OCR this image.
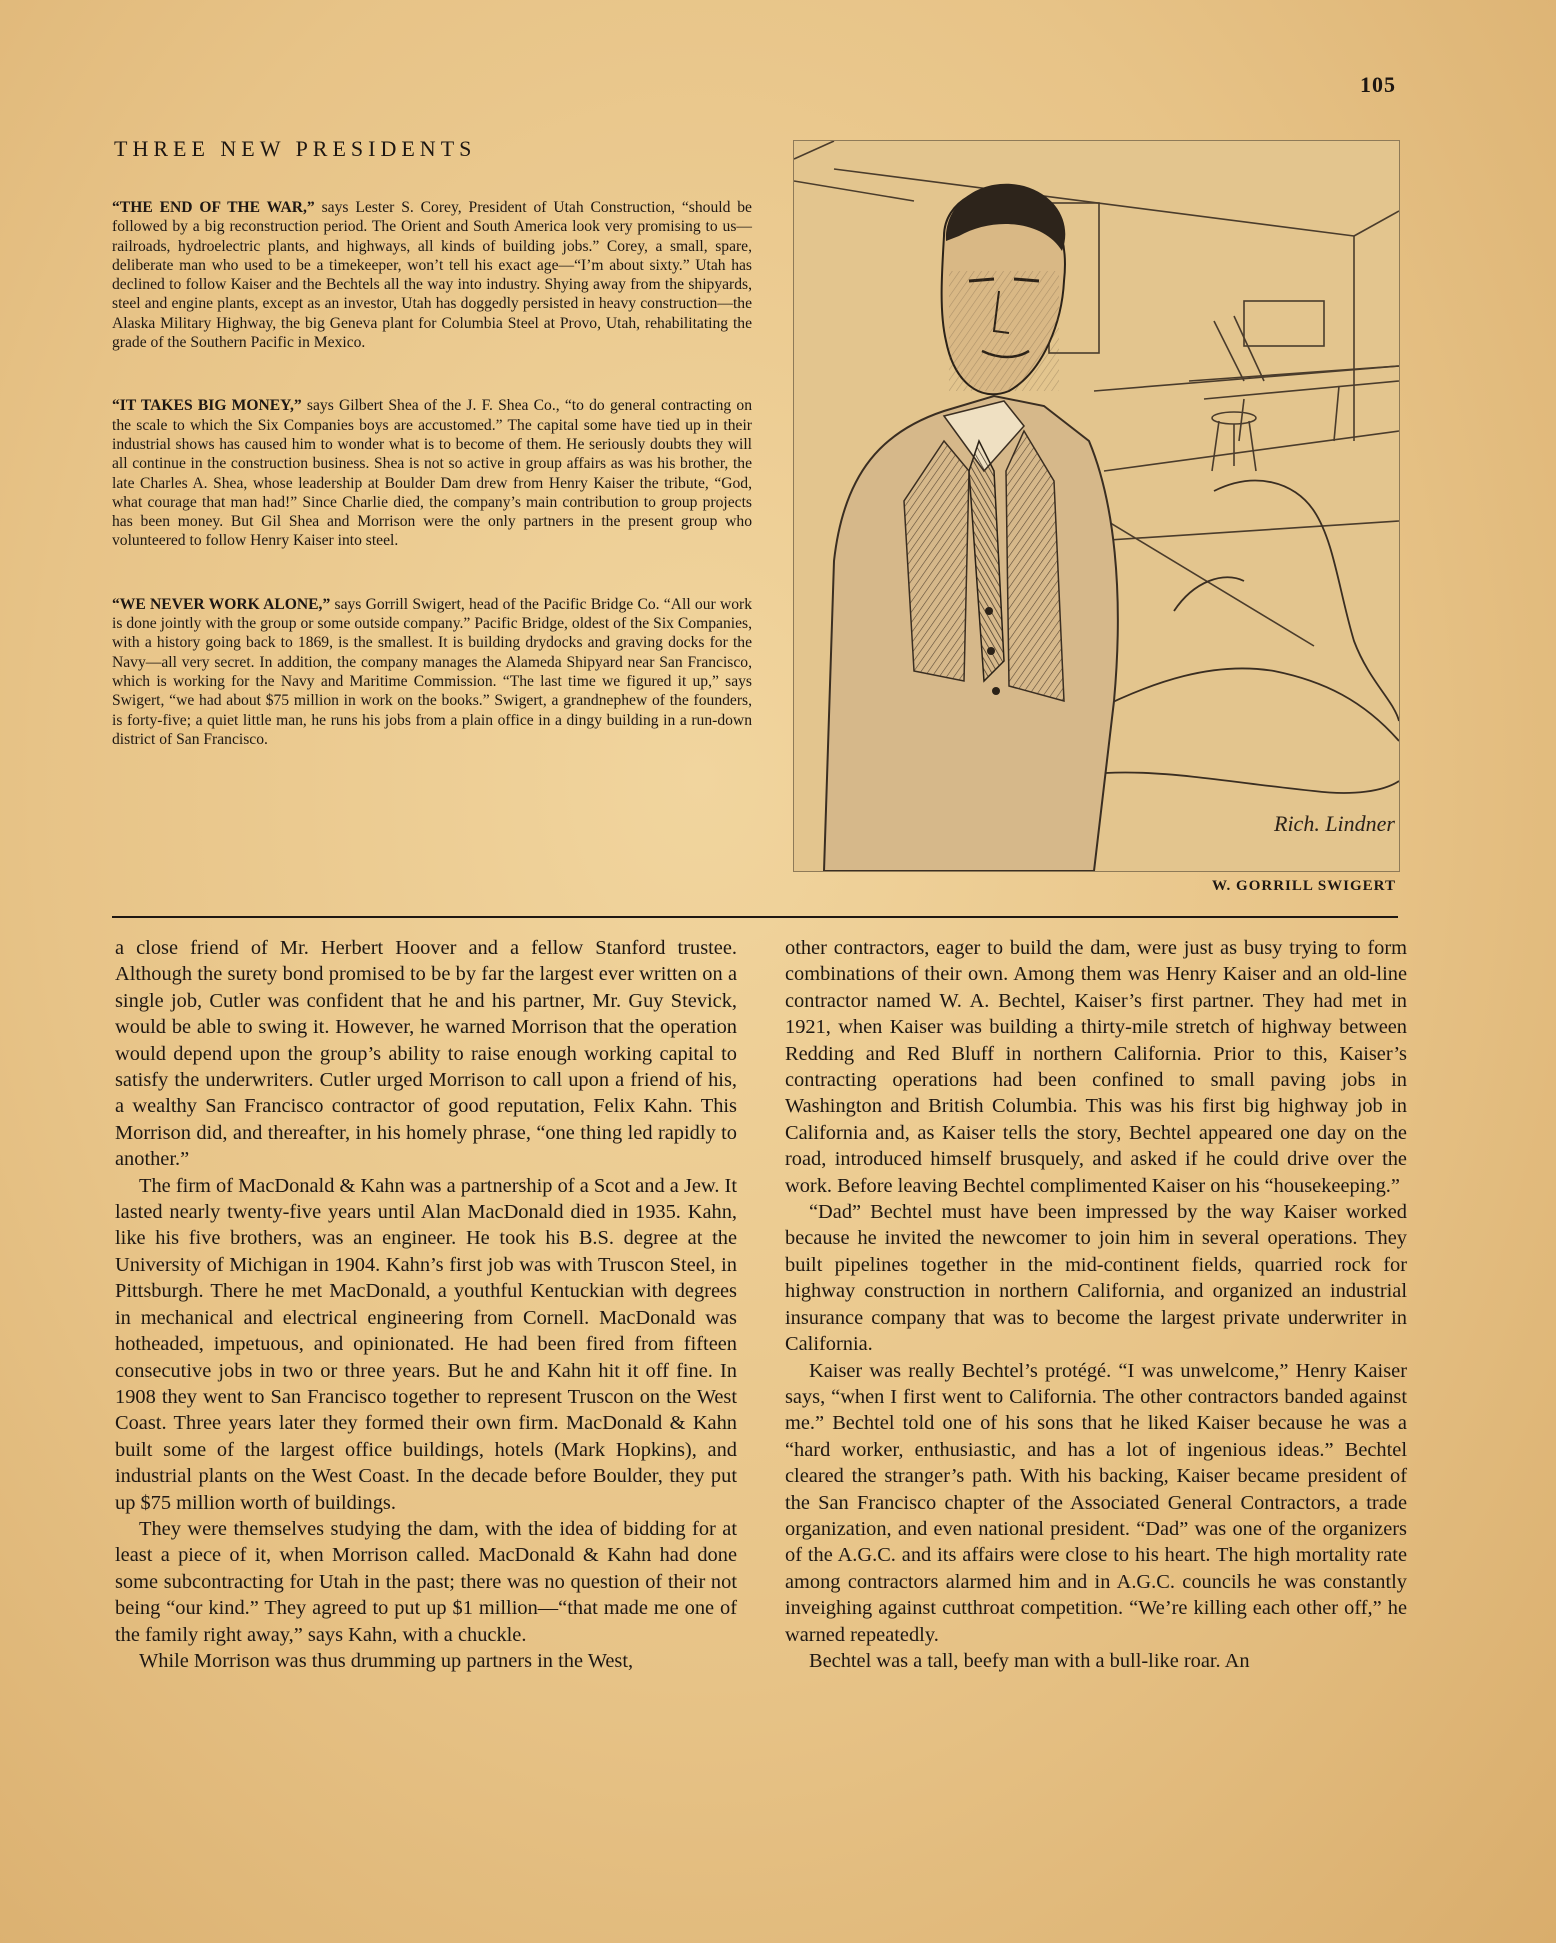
105
THREE NEW PRESIDENTS

“THE END OF THE WAR,” says Lester S. Corey, President of Utah Construction, “should be followed by a big reconstruction period. The Orient and South America look very promising to us—railroads, hydroelectric plants, and highways, all kinds of building jobs.” Corey, a small, spare, deliberate man who used to be a timekeeper, won’t tell his exact age—“I’m about sixty.” Utah has declined to follow Kaiser and the Bechtels all the way into industry. Shying away from the shipyards, steel and engine plants, except as an investor, Utah has doggedly persisted in heavy construction—the Alaska Military Highway, the big Geneva plant for Columbia Steel at Provo, Utah, rehabilitating the grade of the Southern Pacific in Mexico.

“IT TAKES BIG MONEY,” says Gilbert Shea of the J. F. Shea Co., “to do general contracting on the scale to which the Six Companies boys are accustomed.” The capital some have tied up in their industrial shows has caused him to wonder what is to become of them. He seriously doubts they will all continue in the construction business. Shea is not so active in group affairs as was his brother, the late Charles A. Shea, whose leadership at Boulder Dam drew from Henry Kaiser the tribute, “God, what courage that man had!” Since Charlie died, the company’s main contribution to group projects has been money. But Gil Shea and Morrison were the only partners in the present group who volunteered to follow Henry Kaiser into steel.

“WE NEVER WORK ALONE,” says Gorrill Swigert, head of the Pacific Bridge Co. “All our work is done jointly with the group or some outside company.” Pacific Bridge, oldest of the Six Companies, with a history going back to 1869, is the smallest. It is building drydocks and graving docks for the Navy—all very secret. In addition, the company manages the Alameda Shipyard near San Francisco, which is working for the Navy and Maritime Commission. “The last time we figured it up,” says Swigert, “we had about $75 million in work on the books.” Swigert, a grandnephew of the founders, is forty-five; a quiet little man, he runs his jobs from a plain office in a dingy building in a run-down district of San Francisco.

Rich. Lindner
W. GORRILL SWIGERT

a close friend of Mr. Herbert Hoover and a fellow Stanford trustee. Although the surety bond promised to be by far the largest ever written on a single job, Cutler was confident that he and his partner, Mr. Guy Stevick, would be able to swing it. However, he warned Morrison that the operation would depend upon the group’s ability to raise enough working capital to satisfy the underwriters. Cutler urged Morrison to call upon a friend of his, a wealthy San Francisco contractor of good reputation, Felix Kahn. This Morrison did, and thereafter, in his homely phrase, “one thing led rapidly to another.”

The firm of MacDonald & Kahn was a partnership of a Scot and a Jew. It lasted nearly twenty-five years until Alan MacDonald died in 1935. Kahn, like his five brothers, was an engineer. He took his B.S. degree at the University of Michigan in 1904. Kahn’s first job was with Truscon Steel, in Pittsburgh. There he met MacDonald, a youthful Kentuckian with degrees in mechanical and electrical engineering from Cornell. MacDonald was hotheaded, impetuous, and opinionated. He had been fired from fifteen consecutive jobs in two or three years. But he and Kahn hit it off fine. In 1908 they went to San Francisco together to represent Truscon on the West Coast. Three years later they formed their own firm. MacDonald & Kahn built some of the largest office buildings, hotels (Mark Hopkins), and industrial plants on the West Coast. In the decade before Boulder, they put up $75 million worth of buildings.

They were themselves studying the dam, with the idea of bidding for at least a piece of it, when Morrison called. MacDonald & Kahn had done some subcontracting for Utah in the past; there was no question of their not being “our kind.” They agreed to put up $1 million—“that made me one of the family right away,” says Kahn, with a chuckle.

While Morrison was thus drumming up partners in the West,

other contractors, eager to build the dam, were just as busy trying to form combinations of their own. Among them was Henry Kaiser and an old-line contractor named W. A. Bechtel, Kaiser’s first partner. They had met in 1921, when Kaiser was building a thirty-mile stretch of highway between Redding and Red Bluff in northern California. Prior to this, Kaiser’s contracting operations had been confined to small paving jobs in Washington and British Columbia. This was his first big highway job in California and, as Kaiser tells the story, Bechtel appeared one day on the road, introduced himself brusquely, and asked if he could drive over the work. Before leaving Bechtel complimented Kaiser on his “housekeeping.”

“Dad” Bechtel must have been impressed by the way Kaiser worked because he invited the newcomer to join him in several operations. They built pipelines together in the mid-continent fields, quarried rock for highway construction in northern California, and organized an industrial insurance company that was to become the largest private underwriter in California.

Kaiser was really Bechtel’s protégé. “I was unwelcome,” Henry Kaiser says, “when I first went to California. The other contractors banded against me.” Bechtel told one of his sons that he liked Kaiser because he was a “hard worker, enthusiastic, and has a lot of ingenious ideas.” Bechtel cleared the stranger’s path. With his backing, Kaiser became president of the San Francisco chapter of the Associated General Contractors, a trade organization, and even national president. “Dad” was one of the organizers of the A.G.C. and its affairs were close to his heart. The high mortality rate among contractors alarmed him and in A.G.C. councils he was constantly inveighing against cutthroat competition. “We’re killing each other off,” he warned repeatedly.

Bechtel was a tall, beefy man with a bull-like roar. An
